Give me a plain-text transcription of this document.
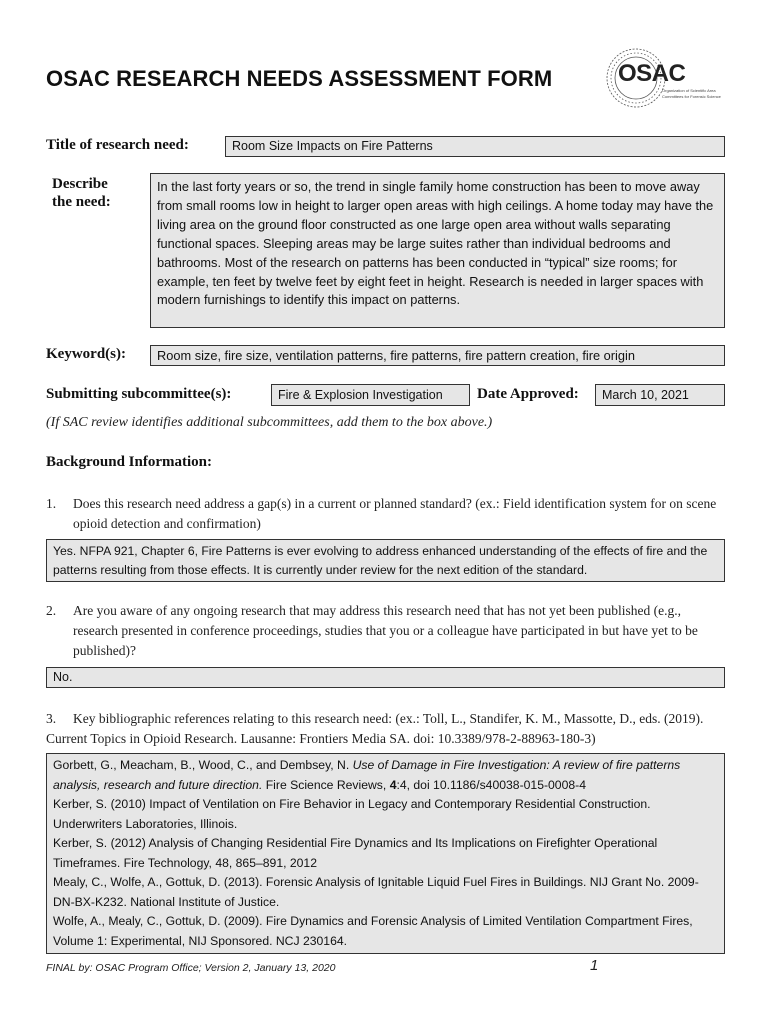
OSAC RESEARCH NEEDS ASSESSMENT FORM	OSAC
Organization of Scientific Area
Committees for Forensic Science
Title of research need:	Room Size Impacts on Fire Patterns
Describe
the need:
In the last forty years or so, the trend in single family home construction has been to move away from small rooms low in height to larger open areas with high ceilings. A home today may have the living area on the ground floor constructed as one large open area without walls separating functional spaces. Sleeping areas may be large suites rather than individual bedrooms and bathrooms. Most of the research on patterns has been conducted in “typical” size rooms; for example, ten feet by twelve feet by eight feet in height. Research is needed in larger spaces with modern furnishings to identify this impact on patterns.
Keyword(s):	Room size, fire size, ventilation patterns, fire patterns, fire pattern creation, fire origin
Submitting subcommittee(s):	Fire & Explosion Investigation	Date Approved:	March 10, 2021
(If SAC review identifies additional subcommittees, add them to the box above.)
Background Information:
1. Does this research need address a gap(s) in a current or planned standard? (ex.: Field identification system for on scene opioid detection and confirmation)
Yes. NFPA 921, Chapter 6, Fire Patterns is ever evolving to address enhanced understanding of the effects of fire and the patterns resulting from those effects. It is currently under review for the next edition of the standard.
2. Are you aware of any ongoing research that may address this research need that has not yet been published (e.g., research presented in conference proceedings, studies that you or a colleague have participated in but have yet to be published)?
No.
3. Key bibliographic references relating to this research need: (ex.: Toll, L., Standifer, K. M., Massotte, D., eds. (2019). Current Topics in Opioid Research. Lausanne: Frontiers Media SA. doi: 10.3389/978-2-88963-180-3)

Gorbett, G., Meacham, B., Wood, C., and Dembsey, N. Use of Damage in Fire Investigation: A review of fire patterns analysis, research and future direction. Fire Science Reviews, 4:4, doi 10.1186/s40038-015-0008-4

Kerber, S. (2010) Impact of Ventilation on Fire Behavior in Legacy and Contemporary Residential Construction. Underwriters Laboratories, Illinois.

Kerber, S. (2012) Analysis of Changing Residential Fire Dynamics and Its Implications on Firefighter Operational Timeframes. Fire Technology, 48, 865–891, 2012

Mealy, C., Wolfe, A., Gottuk, D. (2013). Forensic Analysis of Ignitable Liquid Fuel Fires in Buildings. NIJ Grant No. 2009-DN-BX-K232. National Institute of Justice.

Wolfe, A., Mealy, C., Gottuk, D. (2009). Fire Dynamics and Forensic Analysis of Limited Ventilation Compartment Fires, Volume 1: Experimental, NIJ Sponsored. NCJ 230164.

FINAL by: OSAC Program Office; Version 2, January 13, 2020	1
